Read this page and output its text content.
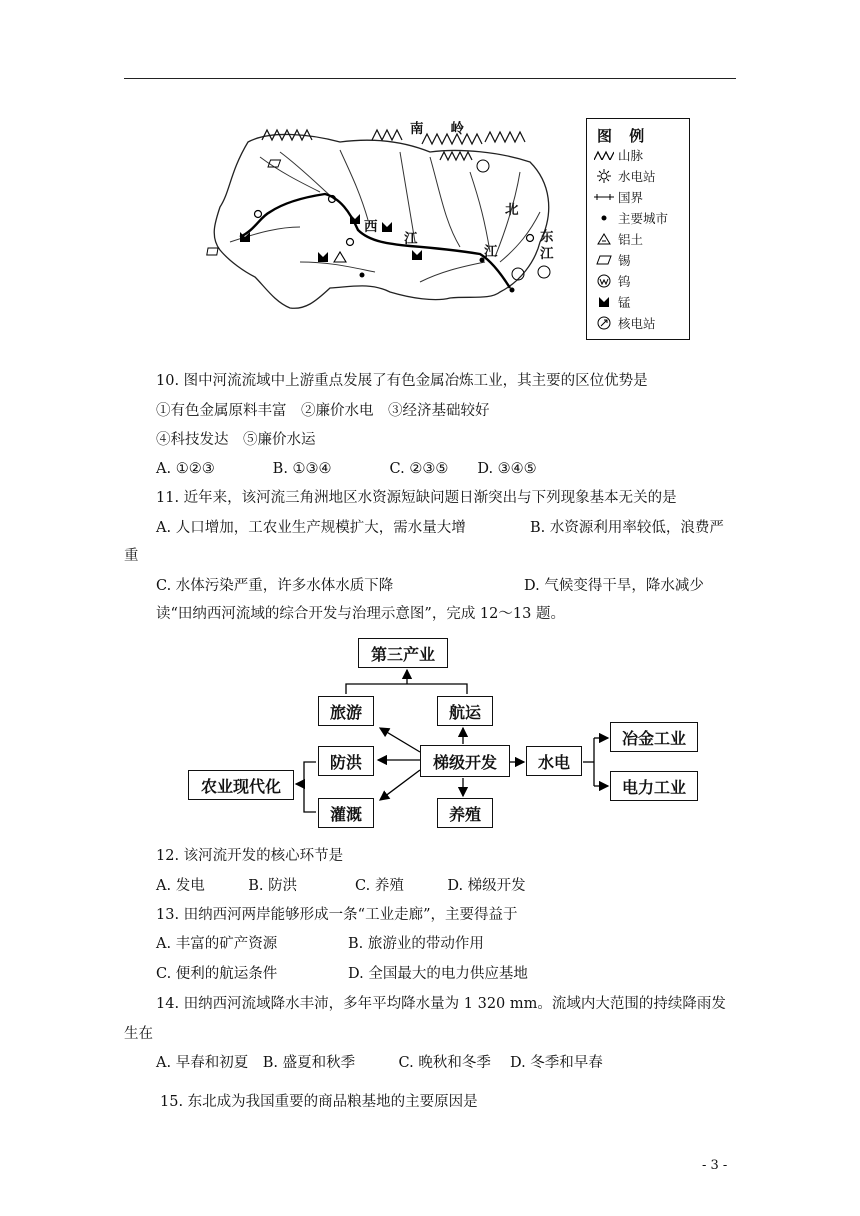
南　　岭
西
江
北
江
东
江
图 例
山脉
水电站
国界
主要城市
铝土
锡
钨
锰
核电站
10. 图中河流流域中上游重点发展了有色金属冶炼工业，其主要的区位优势是
①有色金属原料丰富　②廉价水电　③经济基础较好
④科技发达　⑤廉价水运
A. ①②③　　　　B. ①③④　　　　C. ②③⑤　　D. ③④⑤
11. 近年来，该河流三角洲地区水资源短缺问题日渐突出与下列现象基本无关的是
A. 人口增加，工农业生产规模扩大，需水量大增	B. 水资源利用率较低，浪费严
重
C. 水体污染严重，许多水体水质下降	D. 气候变得干旱，降水减少
读“田纳西河流域的综合开发与治理示意图”，完成 12～13 题。
第三产业
旅游	航运
防洪	梯级开发	水电
冶金工业
电力工业
农业现代化
灌溉	养殖
12. 该河流开发的核心环节是
A. 发电　　　B. 防洪　　　　C. 养殖　　　D. 梯级开发
13. 田纳西河两岸能够形成一条“工业走廊”，主要得益于
A. 丰富的矿产资源	B. 旅游业的带动作用
C. 便利的航运条件	D. 全国最大的电力供应基地
14. 田纳西河流域降水丰沛，多年平均降水量为 1 320 mm。流域内大范围的持续降雨发
生在
A. 早春和初夏　B. 盛夏和秋季　　　C. 晚秋和冬季　 D. 冬季和早春
15. 东北成为我国重要的商品粮基地的主要原因是
- 3 -
